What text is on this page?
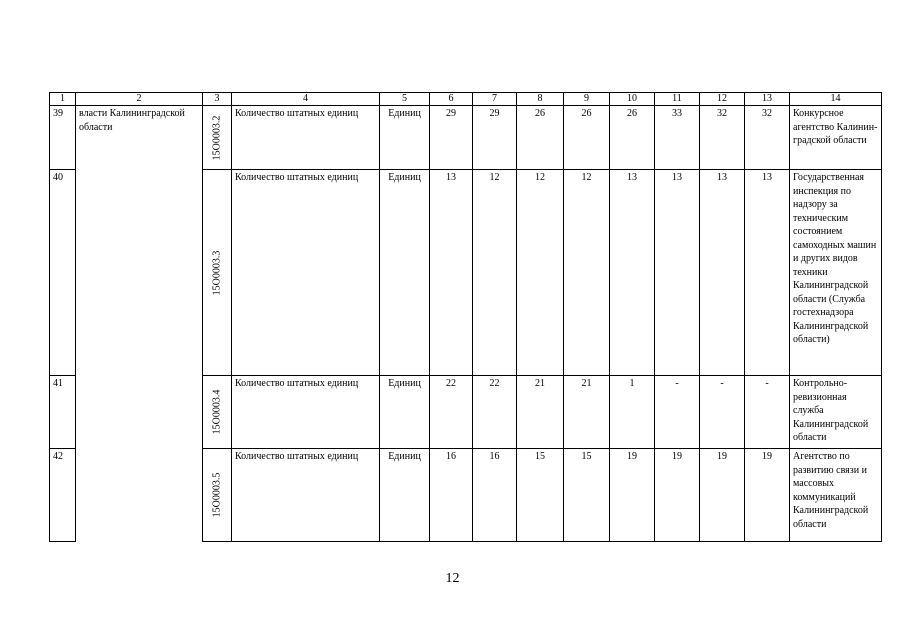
1	2	3	4	5	6	7	8	9	10	11	12	13	14
39	власти Калининградской области	15O0003.2	Количество штатных единиц	Единиц	29	29	26	26	26	33	32	32	Конкурсное агентство Калининградской области
40		15O0003.3	Количество штатных единиц	Единиц	13	12	12	12	13	13	13	13	Государственная инспекция по надзору за техническим состоянием самоходных машин и других видов техники Калининградской области (Служба гостехнадзора Калининградской области)
41		15O0003.4	Количество штатных единиц	Единиц	22	22	21	21	1	-	-	-	Контрольно-ревизионная служба Калининградской области
42		15O0003.5	Количество штатных единиц	Единиц	16	16	15	15	19	19	19	19	Агентство по развитию связи и массовых коммуникаций Калининградской области
12
